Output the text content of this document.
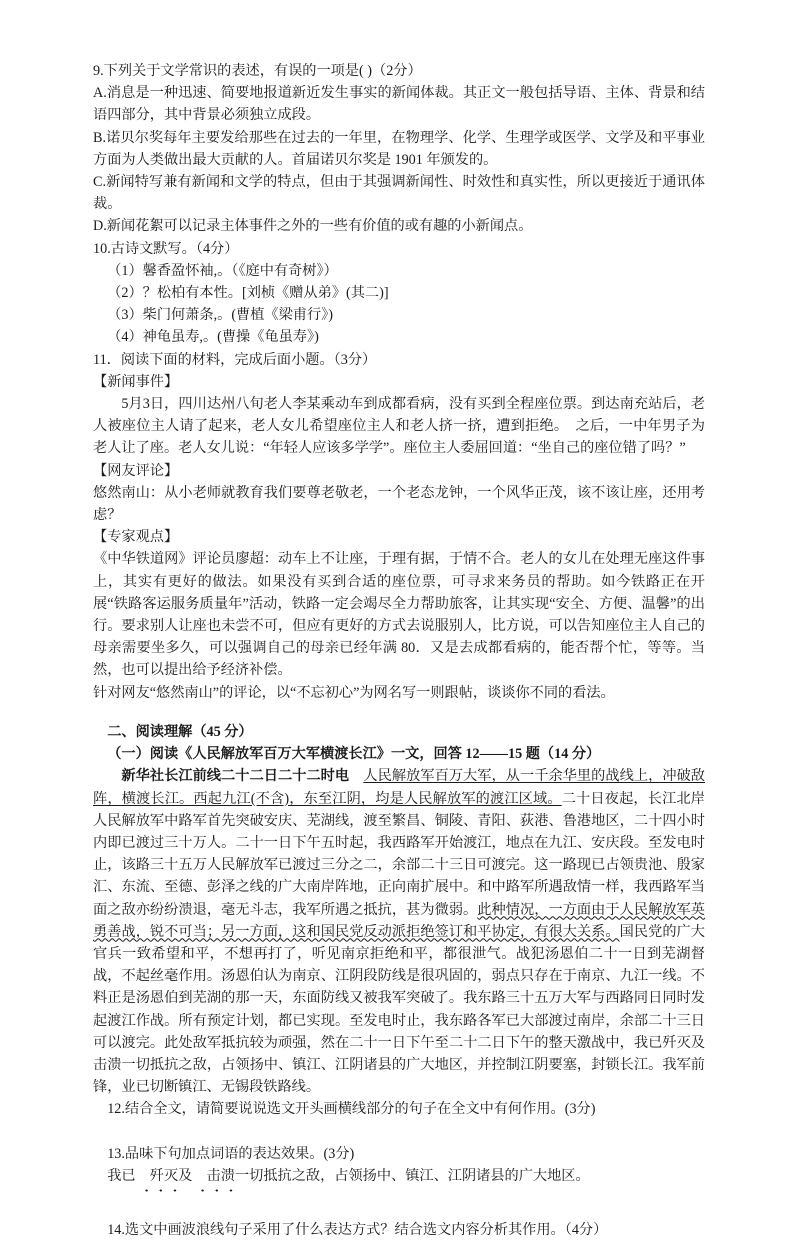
9.下列关于文学常识的表述，有误的一项是( )（2分）

A.消息是一种迅速、简要地报道新近发生事实的新闻体裁。其正文一般包括导语、主体、背景和结语四部分，其中背景必须独立成段。

B.诺贝尔奖每年主要发给那些在过去的一年里，在物理学、化学、生理学或医学、文学及和平事业方面为人类做出最大贡献的人。首届诺贝尔奖是 1901 年颁发的。

C.新闻特写兼有新闻和文学的特点，但由于其强调新闻性、时效性和真实性，所以更接近于通讯体裁。

D.新闻花絮可以记录主体事件之外的一些有价值的或有趣的小新闻点。

10.古诗文默写。（4分）

（1）馨香盈怀袖,。（《庭中有奇树》）

（2）？松柏有本性。[刘桢《赠从弟》(其二)]

（3）柴门何萧条,。(曹植《梁甫行》)

（4）神龟虽寿,。(曹操《龟虽寿》)

11．阅读下面的材料，完成后面小题。（3分）

【新闻事件】

5月3日，四川达州八旬老人李某乘动车到成都看病，没有买到全程座位票。到达南充站后，老人被座位主人请了起来，老人女儿希望座位主人和老人挤一挤，遭到拒绝。　之后，一中年男子为老人让了座。老人女儿说：“年轻人应该多学学”。座位主人委屈回道：“坐自己的座位错了吗？”

【网友评论】

悠然南山：从小老师就教育我们要尊老敬老，一个老态龙钟，一个风华正茂，该不该让座，还用考虑？

【专家观点】

《中华铁道网》评论员廖超：动车上不让座，于理有据，于情不合。老人的女儿在处理无座这件事上，其实有更好的做法。如果没有买到合适的座位票，可寻求来务员的帮助。如今铁路正在开展“铁路客运服务质量年”活动，铁路一定会竭尽全力帮助旅客，让其实现“安全、方便、温馨”的出行。要求别人让座也未尝不可，但应有更好的方式去说服别人，比方说，可以告知座位主人自己的母亲需要坐多久，可以强调自己的母亲已经年满 80．又是去成都看病的，能否帮个忙，等等。当然，也可以提出给予经济补偿。

针对网友“悠然南山”的评论，以“不忘初心”为网名写一则跟帖，谈谈你不同的看法。

二、阅读理解（45 分）

（一）阅读《人民解放军百万大军横渡长江》一文，回答 12——15 题（14 分）

新华社长江前线二十二日二十二时电　 人民解放军百万大军，从一千余华里的战线上，冲破敌阵，横渡长江。西起九江(不含)，东至江阴，均是人民解放军的渡江区域。二十日夜起，长江北岸人民解放军中路军首先突破安庆、芜湖线，渡至繁昌、铜陵、青阳、荻港、鲁港地区，二十四小时内即已渡过三十万人。二十一日下午五时起，我西路军开始渡江，地点在九江、安庆段。至发电时止，该路三十五万人民解放军已渡过三分之二，余部二十三日可渡完。这一路现已占领贵池、殷家汇、东流、至德、彭泽之线的广大南岸阵地，正向南扩展中。和中路军所遇敌情一样，我西路军当面之敌亦纷纷溃退，毫无斗志，我军所遇之抵抗，甚为微弱。此种情况，一方面由于人民解放军英勇善战，锐不可当；另一方面，这和国民党反动派拒绝签订和平协定，有很大关系。国民党的广大官兵一致希望和平，不想再打了，听见南京拒绝和平，都很泄气。战犯汤恩伯二十一日到芜湖督战，不起丝毫作用。汤恩伯认为南京、江阴段防线是很巩固的，弱点只存在于南京、九江一线。不料正是汤恩伯到芜湖的那一天，东面防线又被我军突破了。我东路三十五万大军与西路同日同时发起渡江作战。所有预定计划，都已实现。至发电时止，我东路各军已大部渡过南岸，余部二十三日可以渡完。此处敌军抵抗较为顽强，然在二十一日下午至二十二日下午的整天激战中，我已歼灭及击溃一切抵抗之敌，占领扬中、镇江、江阴诸县的广大地区，并控制江阴要塞，封锁长江。我军前锋，业已切断镇江、无锡段铁路线。

12.结合全文，请简要说说选文开头画横线部分的句子在全文中有何作用。(3分)

13.品味下句加点词语的表达效果。(3分)

我已 歼灭及 击溃一切抵抗之敌，占领扬中、镇江、江阴诸县的广大地区。

14.选文中画波浪线句子采用了什么表达方式？结合选文内容分析其作用。（4分）
